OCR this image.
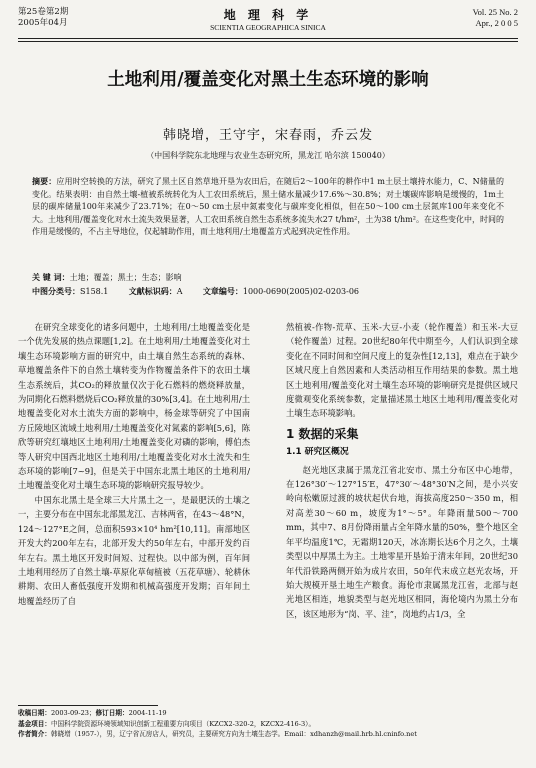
第25卷第2期
2005年04月
地 理 科 学
SCIENTIA GEOGRAPHICA SINICA
Vol. 25 No. 2
Apr., 2 0 0 5
土地利用/覆盖变化对黑土生态环境的影响
韩晓增，王守宇，宋春雨，乔云发
（中国科学院东北地理与农业生态研究所，黑龙江 哈尔滨 150040）
摘要：应用时空转换的方法，研究了黑土区自然草地开垦为农田后，在随后2～100年的耕作中1 m土层土壤持水能力，C、N储量的变化。结果表明：由自然土壤-植被系统转化为人工农田系统后，黑土储水量减少17.6%～30.8%；对土壤碳库影响是缓慢的，1m土层的碳库储量100年来减少了23.71%；在0～50 cm土层中氮素变化与碳库变化相似，但在50～100 cm土层氮库100年来变化不大。土地利用/覆盖变化对水土流失效果显著，人工农田系统自然生态系统多流失水27 t/hm²，土为38 t/hm²。在这些变化中，时间的作用是缓慢的，不占主导地位，仅起辅助作用，而土地利用/土地覆盖方式起到决定性作用。
关 键 词：土地；覆盖；黑土；生态；影响
中图分类号：S158.1	文献标识码：A	文章编号：1000-0690(2005)02-0203-06

在研究全球变化的诸多问题中，土地利用/土地覆盖变化是一个优先发展的热点课题[1,2]。在土地利用/土地覆盖变化对土壤生态环境影响方面的研究中，由土壤自然生态系统的森林、草地覆盖条件下的自然土壤转变为作物覆盖条件下的农田土壤生态系统后，其CO₂的释放量仅次于化石燃料的燃烧释放量，为同期化石燃料燃烧后CO₂释放量的30%[3,4]。在土地利用/土地覆盖变化对水土流失方面的影响中，杨金球等研究了中国南方丘陵地区流域土地利用/土地覆盖变化对氮素的影响[5,6]，陈欣等研究红壤地区土地利用/土地覆盖变化对磷的影响，傅伯杰等人研究中国西北地区土地利用/土地覆盖变化对水土流失和生态环境的影响[7~9]，但是关于中国东北黑土地区的土地利用/土地覆盖变化对土壤生态环境的影响研究报导较少。

中国东北黑土是全球三大片黑土之一，是最肥沃的土壤之一，主要分布在中国东北部黑龙江、吉林两省，在43～48°N，124～127°E之间，总面积593×10⁴ hm²[10,11]。南部地区开发大约200年左右，北部开发大约50年左右，中部开发约百年左右。黑土地区开发时间短、过程快。以中部为例，百年间土地利用经历了自然土壤-草原化草甸植被（五花草塘）、轮耕休耕期、农田人畜低强度开发期和机械高强度开发期；百年间土地覆盖经历了自

然植被-作物-荒草、玉米-大豆-小麦（轮作覆盖）和玉米-大豆（轮作覆盖）过程。20世纪80年代中期至今，人们认识到全球变化在不同时间和空间尺度上的复杂性[12,13]，难点在于缺少区域尺度上自然因素和人类活动相互作用结果的参数。黑土地区土地利用/覆盖变化对土壤生态环境的影响研究是提供区域尺度微观变化系统参数，定量描述黑土地区土地利用/覆盖变化对土壤生态环境影响。

1 数据的采集
1.1 研究区概况

赵光地区隶属于黑龙江省北安市、黑土分布区中心地带，在126°30′～127°15′E，47°30′～48°30′N之间，是小兴安岭向松嫩原过渡的坡状起伏台地，海拔高度250～350 m，相对高差30～60 m，坡度为1°～5°。年降雨量500～700 mm，其中7、8月份降雨量占全年降水量的50%，整个地区全年平均温度1℃，无霜期120天，冰冻期长达6个月之久，土壤类型以中厚黑土为主。土地零星开垦始于清末年间，20世纪30年代沿铁路两侧开始为成片农田，50年代末成立赵光农场，开始大规模开垦土地生产粮食。海伦市隶属黑龙江省，北部与赵光地区相连，地貌类型与赵光地区相同，海伦境内为黑土分布区，该区地形为“岗、平、洼”，岗地约占1/3，全

收稿日期：2003-09-23；修订日期：2004-11-19
基金项目：中国科学院资源环境领域知识创新工程重要方向项目（KZCX2-320-2，KZCX2-416-3）。
作者简介：韩晓增（1957-），男，辽宁省瓦房店人，研究员，主要研究方向为土壤生态学。Email：xdhanzh@mail.hrb.hl.cninfo.net
